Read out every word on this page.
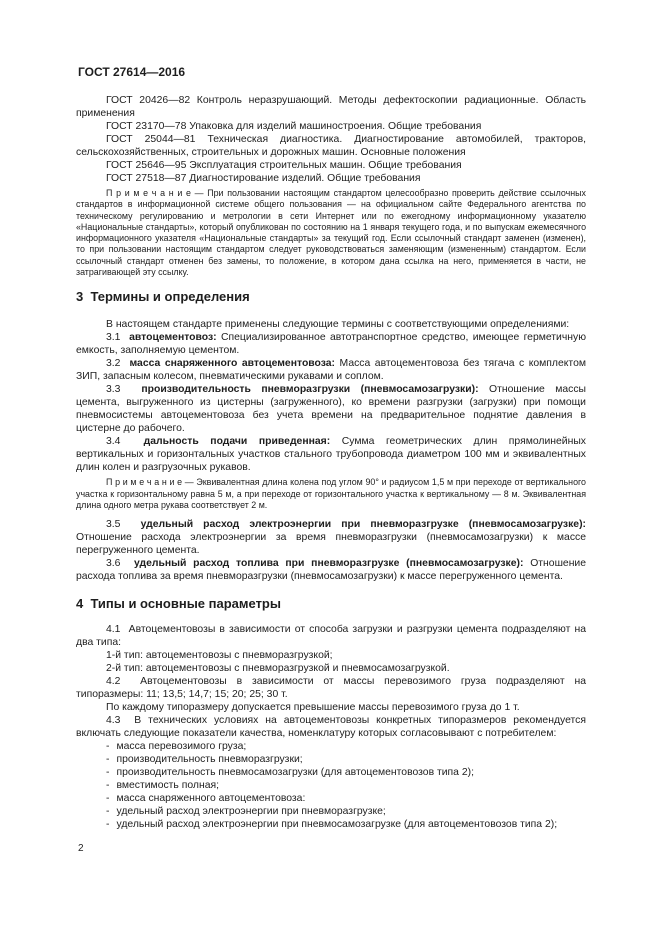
ГОСТ 27614—2016

ГОСТ 20426—82 Контроль неразрушающий. Методы дефектоскопии радиационные. Область применения

ГОСТ 23170—78 Упаковка для изделий машиностроения. Общие требования

ГОСТ 25044—81 Техническая диагностика. Диагностирование автомобилей, тракторов, сельскохозяйственных, строительных и дорожных машин. Основные положения

ГОСТ 25646—95 Эксплуатация строительных машин. Общие требования

ГОСТ 27518—87 Диагностирование изделий. Общие требования

П р и м е ч а н и е — При пользовании настоящим стандартом целесообразно проверить действие ссылочных стандартов в информационной системе общего пользования — на официальном сайте Федерального агентства по техническому регулированию и метрологии в сети Интернет или по ежегодному информационному указателю «Национальные стандарты», который опубликован по состоянию на 1 января текущего года, и по выпускам ежемесячного информационного указателя «Национальные стандарты» за текущий год. Если ссылочный стандарт заменен (изменен), то при пользовании настоящим стандартом следует руководствоваться заменяющим (измененным) стандартом. Если ссылочный стандарт отменен без замены, то положение, в котором дана ссылка на него, применяется в части, не затрагивающей эту ссылку.

3  Термины и определения

В настоящем стандарте применены следующие термины с соответствующими определениями:

3.1  автоцементовоз: Специализированное автотранспортное средство, имеющее герметичную емкость, заполняемую цементом.

3.2  масса снаряженного автоцементовоза: Масса автоцементовоза без тягача с комплектом ЗИП, запасным колесом, пневматическими рукавами и соплом.

3.3  производительность пневморазгрузки (пневмосамозагрузки): Отношение массы цемента, выгруженного из цистерны (загруженного), ко времени разгрузки (загрузки) при помощи пневмосистемы автоцементовоза без учета времени на предварительное поднятие давления в цистерне до рабочего.

3.4  дальность подачи приведенная: Сумма геометрических длин прямолинейных вертикальных и горизонтальных участков стального трубопровода диаметром 100 мм и эквивалентных длин колен и разгрузочных рукавов.

П р и м е ч а н и е — Эквивалентная длина колена под углом 90° и радиусом 1,5 м при переходе от вертикального участка к горизонтальному равна 5 м, а при переходе от горизонтального участка к вертикальному — 8 м. Эквивалентная длина одного метра рукава соответствует 2 м.

3.5  удельный расход электроэнергии при пневморазгрузке (пневмосамозагрузке): Отношение расхода электроэнергии за время пневморазгрузки (пневмосамозагрузки) к массе перегруженного цемента.

3.6  удельный расход топлива при пневморазгрузке (пневмосамозагрузке): Отношение расхода топлива за время пневморазгрузки (пневмосамозагрузки) к массе перегруженного цемента.

4  Типы и основные параметры

4.1  Автоцементовозы в зависимости от способа загрузки и разгрузки цемента подразделяют на два типа:

1-й тип: автоцементовозы с пневморазгрузкой;

2-й тип: автоцементовозы с пневморазгрузкой и пневмосамозагрузкой.

4.2  Автоцементовозы в зависимости от массы перевозимого груза подразделяют на типоразмеры: 11; 13,5; 14,7; 15; 20; 25; 30 т.

По каждому типоразмеру допускается превышение массы перевозимого груза до 1 т.

4.3  В технических условиях на автоцементовозы конкретных типоразмеров рекомендуется включать следующие показатели качества, номенклатуру которых согласовывают с потребителем:

- масса перевозимого груза;

- производительность пневморазгрузки;

- производительность пневмосамозагрузки (для автоцементовозов типа 2);

- вместимость полная;

- масса снаряженного автоцементовоза:

- удельный расход электроэнергии при пневморазгрузке;

- удельный расход электроэнергии при пневмосамозагрузке (для автоцементовозов типа 2);

2
